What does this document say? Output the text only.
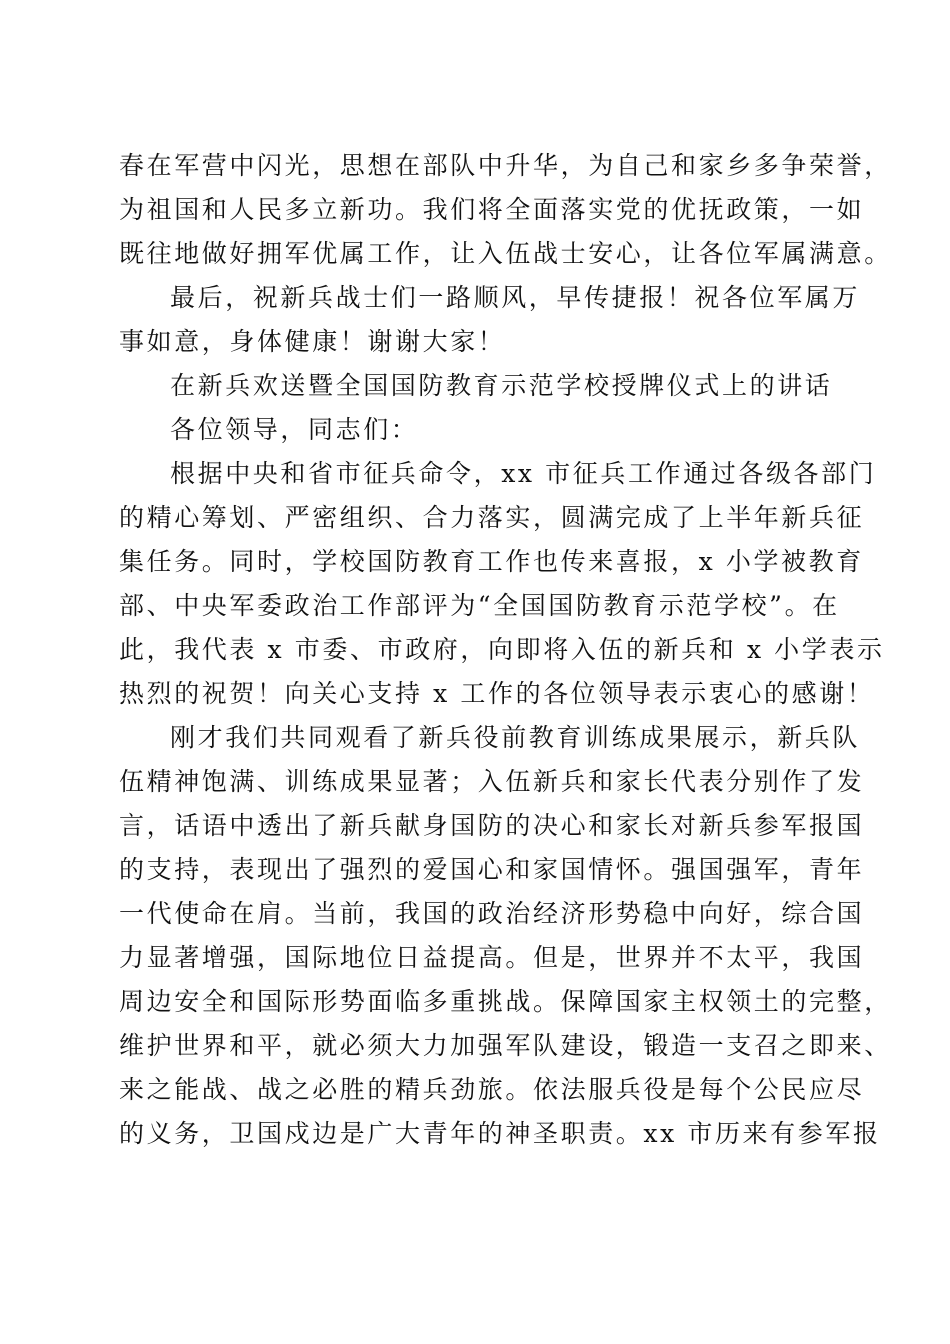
春在军营中闪光，思想在部队中升华，为自己和家乡多争荣誉，

为祖国和人民多立新功。我们将全面落实党的优抚政策，一如

既往地做好拥军优属工作，让入伍战士安心，让各位军属满意。

最后，祝新兵战士们一路顺风，早传捷报！祝各位军属万

事如意，身体健康！谢谢大家！

在新兵欢送暨全国国防教育示范学校授牌仪式上的讲话

各位领导，同志们：

根据中央和省市征兵命令，xx 市征兵工作通过各级各部门

的精心筹划、严密组织、合力落实，圆满完成了上半年新兵征

集任务。同时，学校国防教育工作也传来喜报，x 小学被教育

部、中央军委政治工作部评为“全国国防教育示范学校”。在

此，我代表 x 市委、市政府，向即将入伍的新兵和 x 小学表示

热烈的祝贺！向关心支持 x 工作的各位领导表示衷心的感谢！

刚才我们共同观看了新兵役前教育训练成果展示，新兵队

伍精神饱满、训练成果显著；入伍新兵和家长代表分别作了发

言，话语中透出了新兵献身国防的决心和家长对新兵参军报国

的支持，表现出了强烈的爱国心和家国情怀。强国强军，青年

一代使命在肩。当前，我国的政治经济形势稳中向好，综合国

力显著增强，国际地位日益提高。但是，世界并不太平，我国

周边安全和国际形势面临多重挑战。保障国家主权领土的完整，

维护世界和平，就必须大力加强军队建设，锻造一支召之即来、

来之能战、战之必胜的精兵劲旅。依法服兵役是每个公民应尽

的义务，卫国戍边是广大青年的神圣职责。xx 市历来有参军报
